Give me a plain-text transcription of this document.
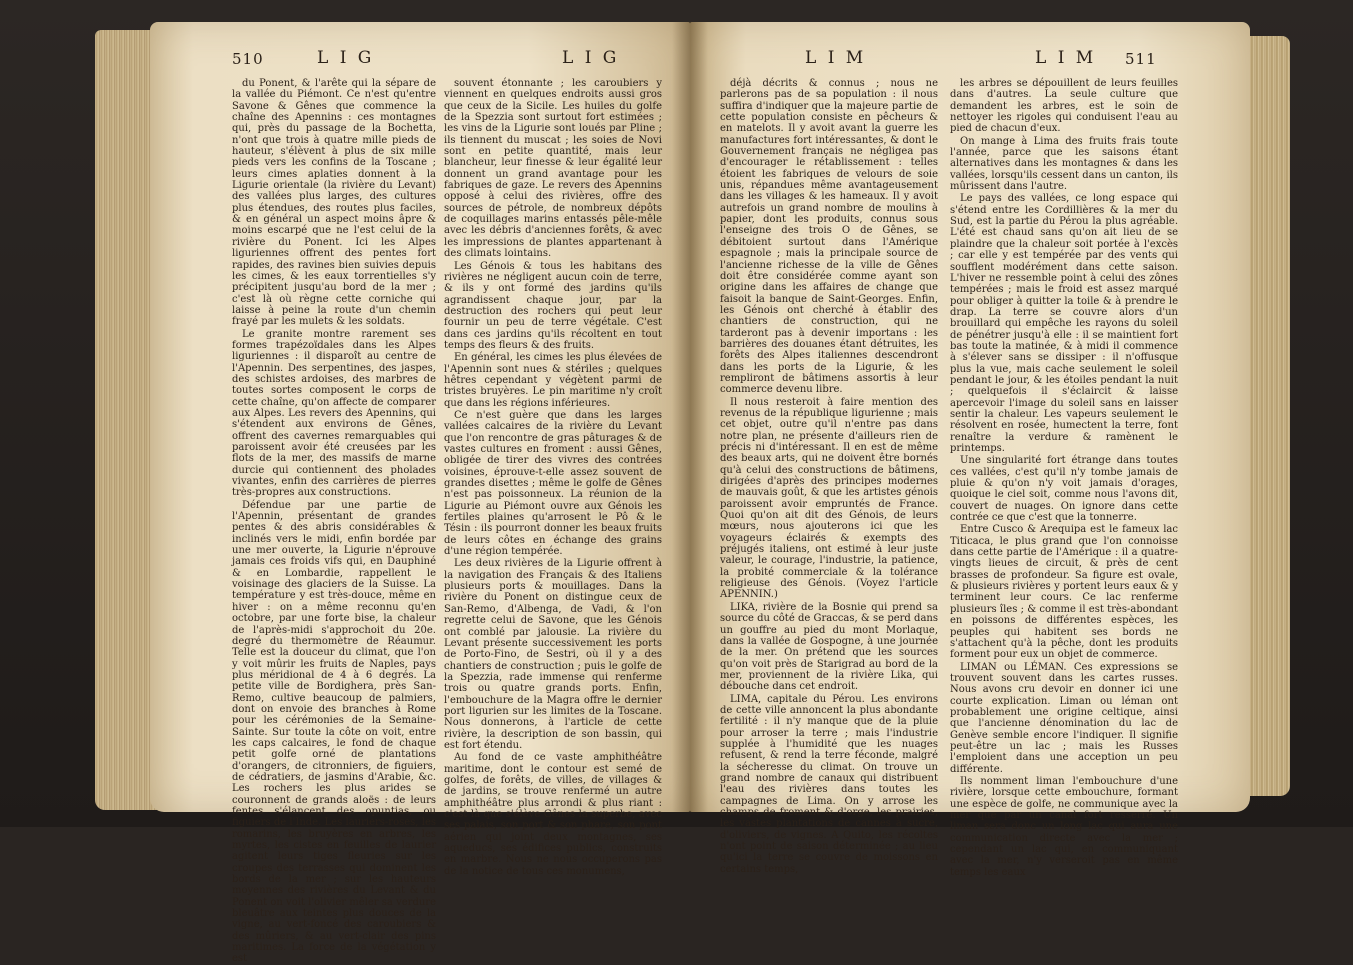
510	L I G	L I G	L I M	L I M 511

du Ponent, & l'arête qui la sépare de la vallée du Piémont. Ce n'est qu'entre Savone & Gênes que commence la chaîne des Apennins : ces montagnes qui, près du passage de la Bochetta, n'ont que trois à quatre mille pieds de hauteur, s'élèvent à plus de six mille pieds vers les confins de la Toscane ; leurs cimes aplaties donnent à la Ligurie orientale (la rivière du Levant) des vallées plus larges, des cultures plus étendues, des routes plus faciles, & en général un aspect moins âpre & moins escarpé que ne l'est celui de la rivière du Ponent. Ici les Alpes liguriennes offrent des pentes fort rapides, des ravines bien suivies depuis les cimes, & les eaux torrentielles s'y précipitent jusqu'au bord de la mer ; c'est là où règne cette corniche qui laisse à peine la route d'un chemin frayé par les mulets & les soldats.

Le granite montre rarement ses formes trapézoïdales dans les Alpes liguriennes : il disparoît au centre de l'Apennin. Des serpentines, des jaspes, des schistes ardoises, des marbres de toutes sortes composent le corps de cette chaîne, qu'on affecte de comparer aux Alpes. Les revers des Apennins, qui s'étendent aux environs de Gênes, offrent des cavernes remarquables qui paroissent avoir été creusées par les flots de la mer, des massifs de marne durcie qui contiennent des pholades vivantes, enfin des carrières de pierres très-propres aux constructions.

Défendue par une partie de l'Apennin, présentant de grandes pentes & des abris considérables & inclinés vers le midi, enfin bordée par une mer ouverte, la Ligurie n'éprouve jamais ces froids vifs qui, en Dauphiné & en Lombardie, rappellent le voisinage des glaciers de la Suisse. La température y est très-douce, même en hiver : on a même reconnu qu'en octobre, par une forte bise, la chaleur de l'après-midi s'approchoit du 20e. degré du thermomètre de Réaumur. Telle est la douceur du climat, que l'on y voit mûrir les fruits de Naples, pays plus méridional de 4 à 6 degrés. La petite ville de Bordighera, près San-Remo, cultive beaucoup de palmiers, dont on envoie des branches à Rome pour les cérémonies de la Semaine-Sainte. Sur toute la côte on voit, entre les caps calcaires, le fond de chaque petit golfe orné de plantations d'orangers, de citronniers, de figuiers, de cédratiers, de jasmins d'Arabie, &c. Les rochers les plus arides se couronnent de grands aloës : de leurs fentes s'élancent des opuntias, ou figuiers de l'Inde. Les lauriers-roses, les romarins, les bruyères en arbres, les myrtes, les cistes en feuilles de laurier agitent leurs tiges fleuries sur les croupes des terrasses qui dominent les bords de la mer ; sur les hauteurs moyennes des rivières du Levant & du Ponent on voit l'olivier mêler sa verdure bleuâtre aux teintes plus douces de la vigne, au vert-foncé des caroubiers & des mûriers, & au vert-clair des pins maritimes. La force de la végétation y est

souvent étonnante ; les caroubiers y viennent en quelques endroits aussi gros que ceux de la Sicile. Les huiles du golfe de la Spezzia sont surtout fort estimées ; les vins de la Ligurie sont loués par Pline ; ils tiennent du muscat ; les soies de Novi sont en petite quantité, mais leur blancheur, leur finesse & leur égalité leur donnent un grand avantage pour les fabriques de gaze. Le revers des Apennins opposé à celui des rivières, offre des sources de pétrole, de nombreux dépôts de coquillages marins entassés pêle-mêle avec les débris d'anciennes forêts, & avec les impressions de plantes appartenant à des climats lointains.

Les Génois & tous les habitans des rivières ne négligent aucun coin de terre, & ils y ont formé des jardins qu'ils agrandissent chaque jour, par la destruction des rochers qui peut leur fournir un peu de terre végétale. C'est dans ces jardins qu'ils récoltent en tout temps des fleurs & des fruits.

En général, les cimes les plus élevées de l'Apennin sont nues & stériles ; quelques hêtres cependant y végètent parmi de tristes bruyères. Le pin maritime n'y croît que dans les régions inférieures.

Ce n'est guère que dans les larges vallées calcaires de la rivière du Levant que l'on rencontre de gras pâturages & de vastes cultures en froment : aussi Gênes, obligée de tirer des vivres des contrées voisines, éprouve-t-elle assez souvent de grandes disettes ; même le golfe de Gênes n'est pas poissonneux. La réunion de la Ligurie au Piémont ouvre aux Génois les fertiles plaines qu'arrosent le Pô & le Tésin : ils pourront donner les beaux fruits de leurs côtes en échange des grains d'une région tempérée.

Les deux rivières de la Ligurie offrent à la navigation des Français & des Italiens plusieurs ports & mouillages. Dans la rivière du Ponent on distingue ceux de San-Remo, d'Albenga, de Vadi, & l'on regrette celui de Savone, que les Génois ont comblé par jalousie. La rivière du Levant présente successivement les ports de Porto-Fino, de Sestri, où il y a des chantiers de construction ; puis le golfe de la Spezzia, rade immense qui renferme trois ou quatre grands ports. Enfin, l'embouchure de la Magra offre le dernier port ligurien sur les limites de la Toscane. Nous donnerons, à l'article de cette rivière, la description de son bassin, qui est fort étendu.

Au fond de ce vaste amphithéâtre maritime, dont le contour est semé de golfes, de forêts, de villes, de villages & de jardins, se trouve renfermé un autre amphithéâtre plus arrondi & plus riant : c'est là que s'élève Gênes la superbe, avec ses palais, son port & son phare, son pont aérien qui joint deux montagnes, ses aqueducs, ses édifices publics, construits en marbre. Nous ne nous occuperons pas de la notice de tous ces monumens,

déjà décrits & connus ; nous ne parlerons pas de sa population : il nous suffira d'indiquer que la majeure partie de cette population consiste en pêcheurs & en matelots. Il y avoit avant la guerre les manufactures fort intéressantes, & dont le Gouvernement français ne négligea pas d'encourager le rétablissement : telles étoient les fabriques de velours de soie unis, répandues même avantageusement dans les villages & les hameaux. Il y avoit autrefois un grand nombre de moulins à papier, dont les produits, connus sous l'enseigne des trois O de Gênes, se débitoient surtout dans l'Amérique espagnole ; mais la principale source de l'ancienne richesse de la ville de Gênes doit être considérée comme ayant son origine dans les affaires de change que faisoit la banque de Saint-Georges. Enfin, les Génois ont cherché à établir des chantiers de construction, qui ne tarderont pas à devenir importans : les barrières des douanes étant détruites, les forêts des Alpes italiennes descendront dans les ports de la Ligurie, & les rempliront de bâtimens assortis à leur commerce devenu libre.

Il nous resteroit à faire mention des revenus de la république ligurienne ; mais cet objet, outre qu'il n'entre pas dans notre plan, ne présente d'ailleurs rien de précis ni d'intéressant. Il en est de même des beaux arts, qui ne doivent être bornés qu'à celui des constructions de bâtimens, dirigées d'après des principes modernes de mauvais goût, & que les artistes génois paroissent avoir empruntés de France. Quoi qu'on ait dit des Génois, de leurs mœurs, nous ajouterons ici que les voyageurs éclairés & exempts des préjugés italiens, ont estimé à leur juste valeur, le courage, l'industrie, la patience, la probité commerciale & la tolérance religieuse des Génois. (Voyez l'article APENNIN.)

LIKA, rivière de la Bosnie qui prend sa source du côté de Graccas, & se perd dans un gouffre au pied du mont Morlaque, dans la vallée de Gospogne, à une journée de la mer. On prétend que les sources qu'on voit près de Starigrad au bord de la mer, proviennent de la rivière Lika, qui débouche dans cet endroit.

LIMA, capitale du Pérou. Les environs de cette ville annoncent la plus abondante fertilité : il n'y manque que de la pluie pour arroser la terre ; mais l'industrie supplée à l'humidité que les nuages refusent, & rend la terre féconde, malgré la sécheresse du climat. On trouve un grand nombre de canaux qui distribuent l'eau des rivières dans toutes les campagnes de Lima. On y arrose les champs de froment & d'orge, les prairies, les vastes plantations de cannes à sucre, d'oliviers, de vignes. A Quito, les récoltes n'ont point de saison déterminée ; au lieu qu'ici la terre se couvre de moissons en certains temps,

les arbres se dépouillent de leurs feuilles dans d'autres. La seule culture que demandent les arbres, est le soin de nettoyer les rigoles qui conduisent l'eau au pied de chacun d'eux.

On mange à Lima des fruits frais toute l'année, parce que les saisons étant alternatives dans les montagnes & dans les vallées, lorsqu'ils cessent dans un canton, ils mûrissent dans l'autre.

Le pays des vallées, ce long espace qui s'étend entre les Cordillières & la mer du Sud, est la partie du Pérou la plus agréable. L'été est chaud sans qu'on ait lieu de se plaindre que la chaleur soit portée à l'excès ; car elle y est tempérée par des vents qui soufflent modérément dans cette saison. L'hiver ne ressemble point à celui des zônes tempérées ; mais le froid est assez marqué pour obliger à quitter la toile & à prendre le drap. La terre se couvre alors d'un brouillard qui empêche les rayons du soleil de pénétrer jusqu'à elle : il se maintient fort bas toute la matinée, & à midi il commence à s'élever sans se dissiper : il n'offusque plus la vue, mais cache seulement le soleil pendant le jour, & les étoiles pendant la nuit ; quelquefois il s'éclaircit & laisse apercevoir l'image du soleil sans en laisser sentir la chaleur. Les vapeurs seulement le résolvent en rosée, humectent la terre, font renaître la verdure & ramènent le printemps.

Une singularité fort étrange dans toutes ces vallées, c'est qu'il n'y tombe jamais de pluie & qu'on n'y voit jamais d'orages, quoique le ciel soit, comme nous l'avons dit, couvert de nuages. On ignore dans cette contrée ce que c'est que la tonnerre.

Entre Cusco & Arequipa est le fameux lac Titicaca, le plus grand que l'on connoisse dans cette partie de l'Amérique : il a quatre-vingts lieues de circuit, & près de cent brasses de profondeur. Sa figure est ovale, & plusieurs rivières y portent leurs eaux & y terminent leur cours. Ce lac renferme plusieurs îles ; & comme il est très-abondant en poissons de différentes espèces, les peuples qui habitent ses bords ne s'attachent qu'à la pêche, dont les produits forment pour eux un objet de commerce.

LIMAN ou LÉMAN. Ces expressions se trouvent souvent dans les cartes russes. Nous avons cru devoir en donner ici une courte explication. Liman ou léman ont probablement une origine celtique, ainsi que l'ancienne dénomination du lac de Genève semble encore l'indiquer. Il signifie peut-être un lac ; mais les Russes l'emploient dans une acception un peu différente.

Ils nomment liman l'embouchure d'une rivière, lorsque cette embouchure, formant une espèce de golfe, ne communique avec la mer que par un canal fort resserré. Un liman sera donc un long lac qui aura une communication directe avec la mer ; cependant un lac qui, en communiquant avec la mer, n'y verseroit pas en même temps les eaux
